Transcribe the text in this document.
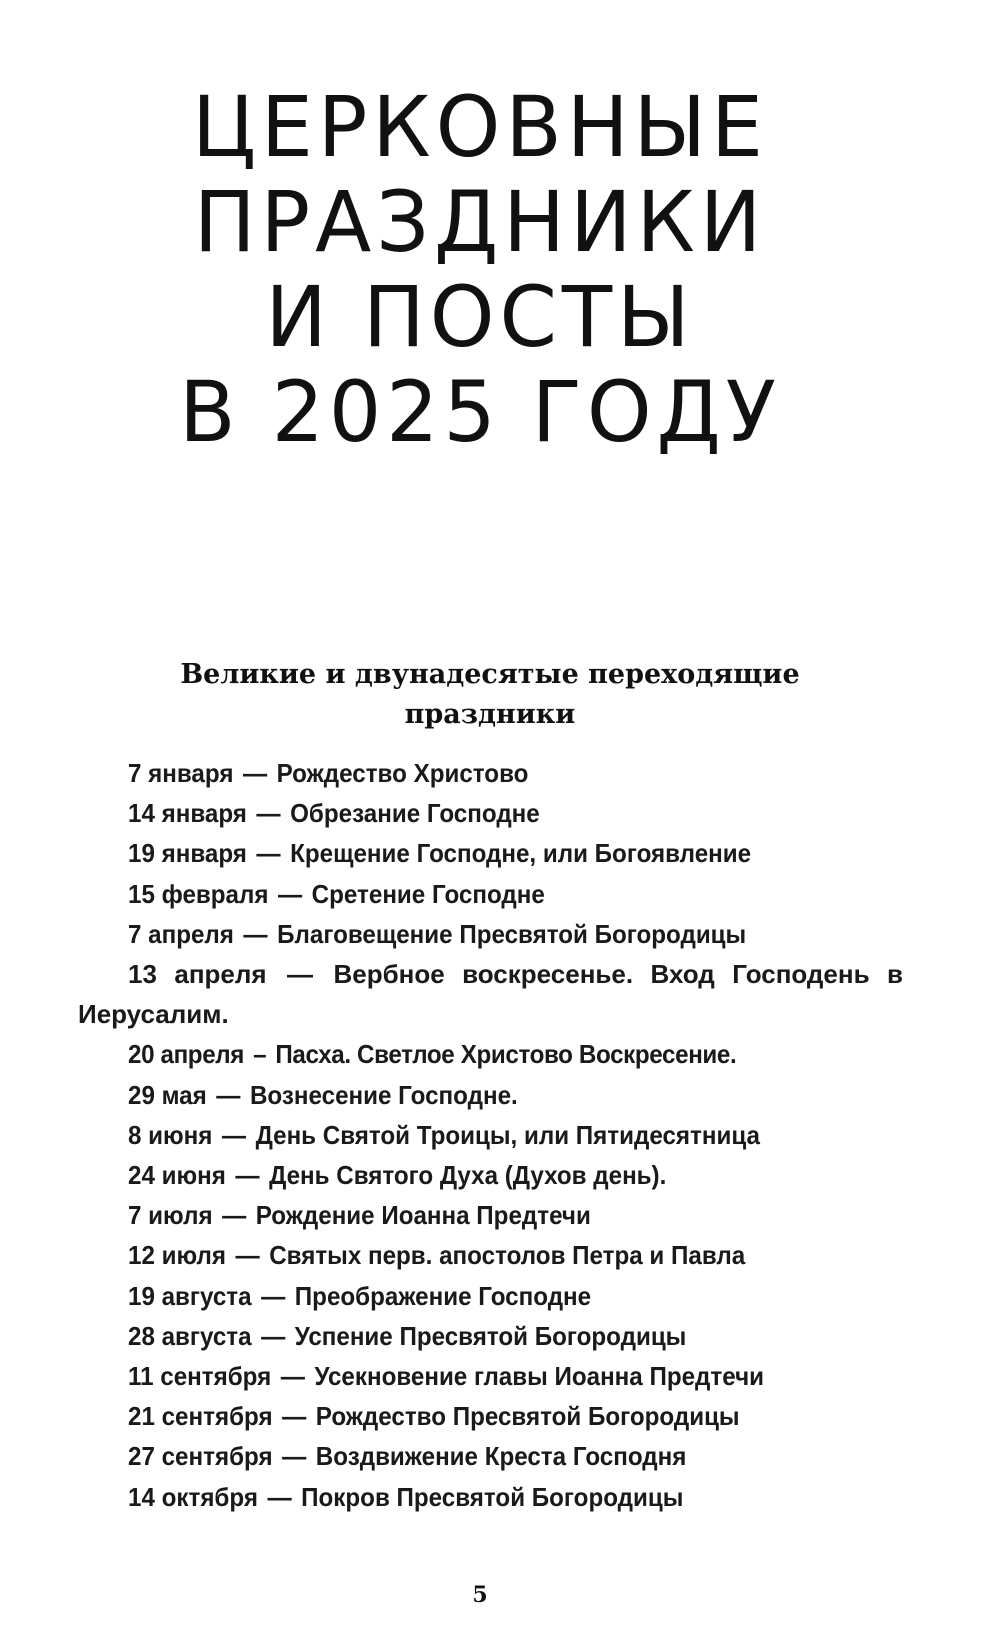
ЦЕРКОВНЫЕ
ПРАЗДНИКИ
И ПОСТЫ
В 2025 ГОДУ
Великие и двунадесятые переходящие
праздники
7 января — Рождество Христово
14 января — Обрезание Господне
19 января — Крещение Господне, или Богоявление
15 февраля — Сретение Господне
7 апреля — Благовещение Пресвятой Богородицы
13 апреля — Вербное воскресенье. Вход Господень в Иерусалим.
20 апреля – Пасха. Светлое Христово Воскресение.
29 мая — Вознесение Господне.
8 июня — День Святой Троицы, или Пятидесятница
24 июня — День Святого Духа (Духов день).
7 июля — Рождение Иоанна Предтечи
12 июля — Святых перв. апостолов Петра и Павла
19 августа — Преображение Господне
28 августа — Успение Пресвятой Богородицы
11 сентября — Усекновение главы Иоанна Предтечи
21 сентября — Рождество Пресвятой Богородицы
27 сентября — Воздвижение Креста Господня
14 октября — Покров Пресвятой Богородицы
5
